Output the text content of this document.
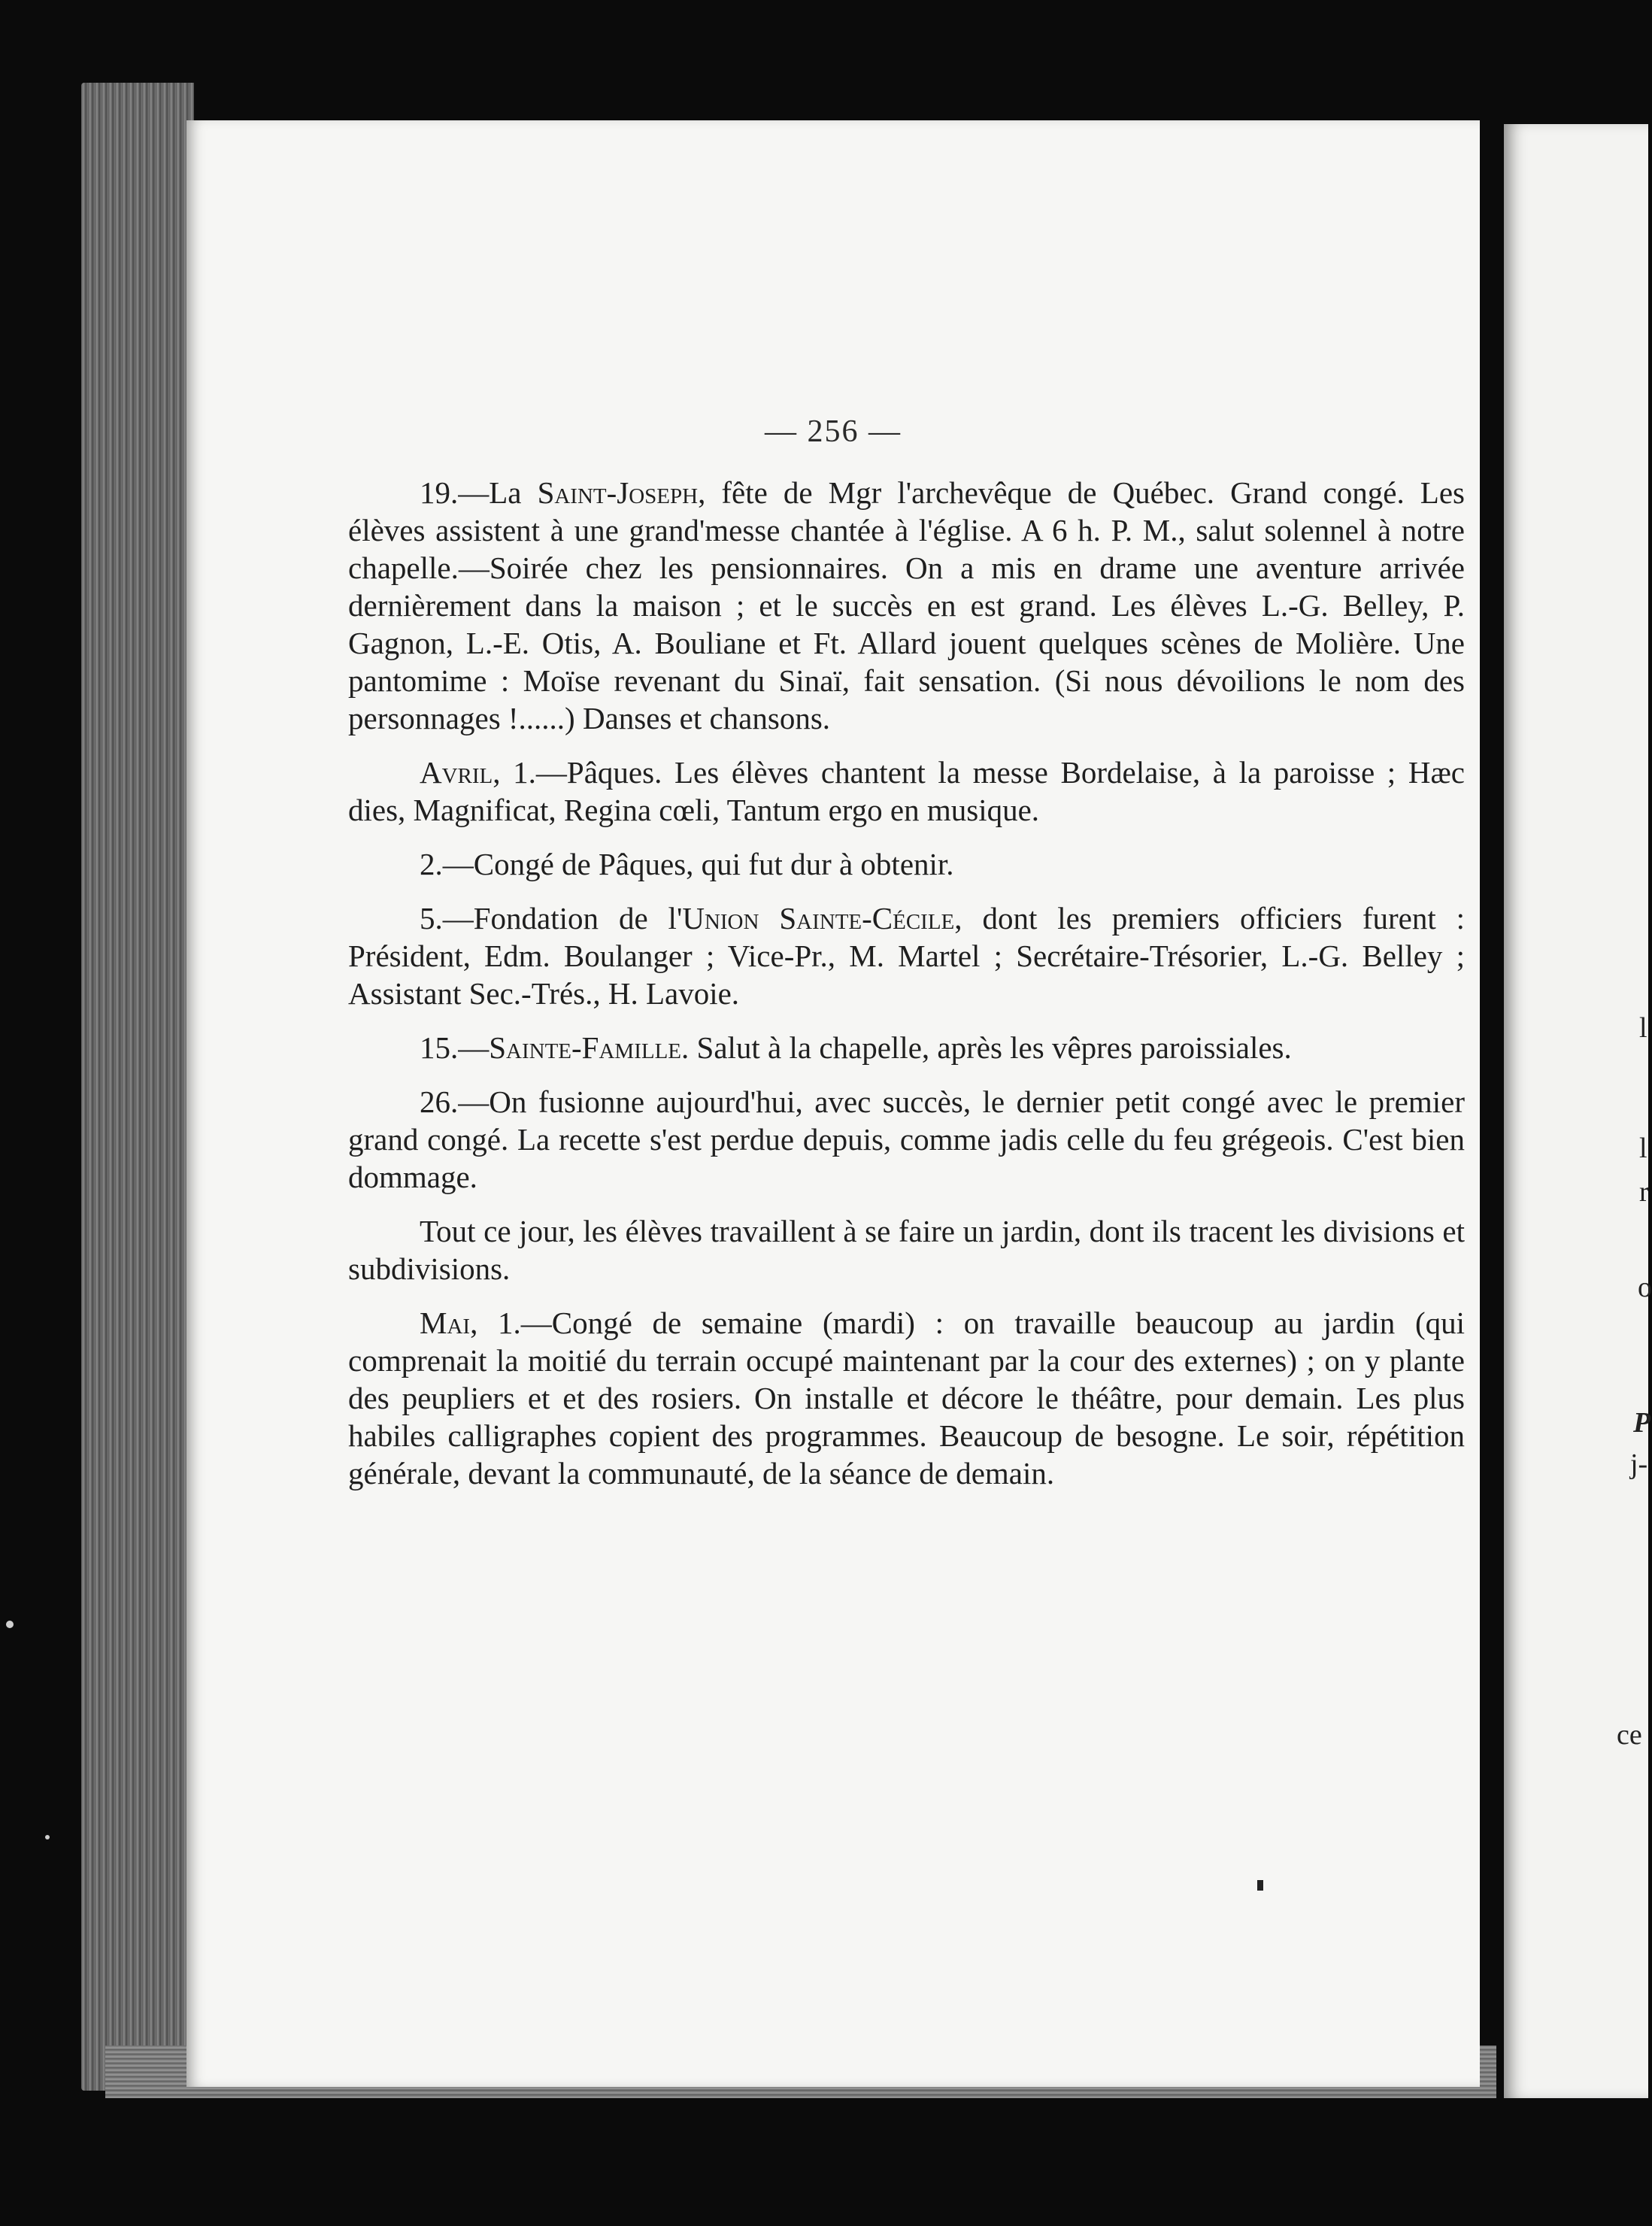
— 256 —

19.—La Saint-Joseph, fête de Mgr l'archevêque de Québec. Grand congé. Les élèves assistent à une grand'messe chantée à l'église. A 6 h. P. M., salut solennel à notre chapelle.—Soirée chez les pensionnaires. On a mis en drame une aventure arrivée dernièrement dans la maison ; et le succès en est grand. Les élèves L.-G. Belley, P. Gagnon, L.-E. Otis, A. Bouliane et Ft. Allard jouent quelques scènes de Molière. Une pantomime : Moïse revenant du Sinaï, fait sensation. (Si nous dévoilions le nom des personnages !......) Danses et chansons.

Avril, 1.—Pâques. Les élèves chantent la messe Bordelaise, à la paroisse ; Hæc dies, Magnificat, Regina cœli, Tantum ergo en musique.

2.—Congé de Pâques, qui fut dur à obtenir.

5.—Fondation de l'Union Sainte-Cécile, dont les premiers officiers furent : Président, Edm. Boulanger ; Vice-Pr., M. Martel ; Secrétaire-Trésorier, L.-G. Belley ; Assistant Sec.-Trés., H. Lavoie.

15.—Sainte-Famille. Salut à la chapelle, après les vêpres paroissiales.

26.—On fusionne aujourd'hui, avec succès, le dernier petit congé avec le premier grand congé. La recette s'est perdue depuis, comme jadis celle du feu grégeois. C'est bien dommage.

Tout ce jour, les élèves travaillent à se faire un jardin, dont ils tracent les divisions et subdivisions.

Mai, 1.—Congé de semaine (mardi) : on travaille beaucoup au jardin (qui comprenait la moitié du terrain occupé maintenant par la cour des externes) ; on y plante des peupliers et et des rosiers. On installe et décore le théâtre, pour demain. Les plus habiles calligraphes copient des programmes. Beaucoup de besogne. Le soir, répétition générale, devant la communauté, de la séance de demain.

l
l
r
o
P
j-
ce
